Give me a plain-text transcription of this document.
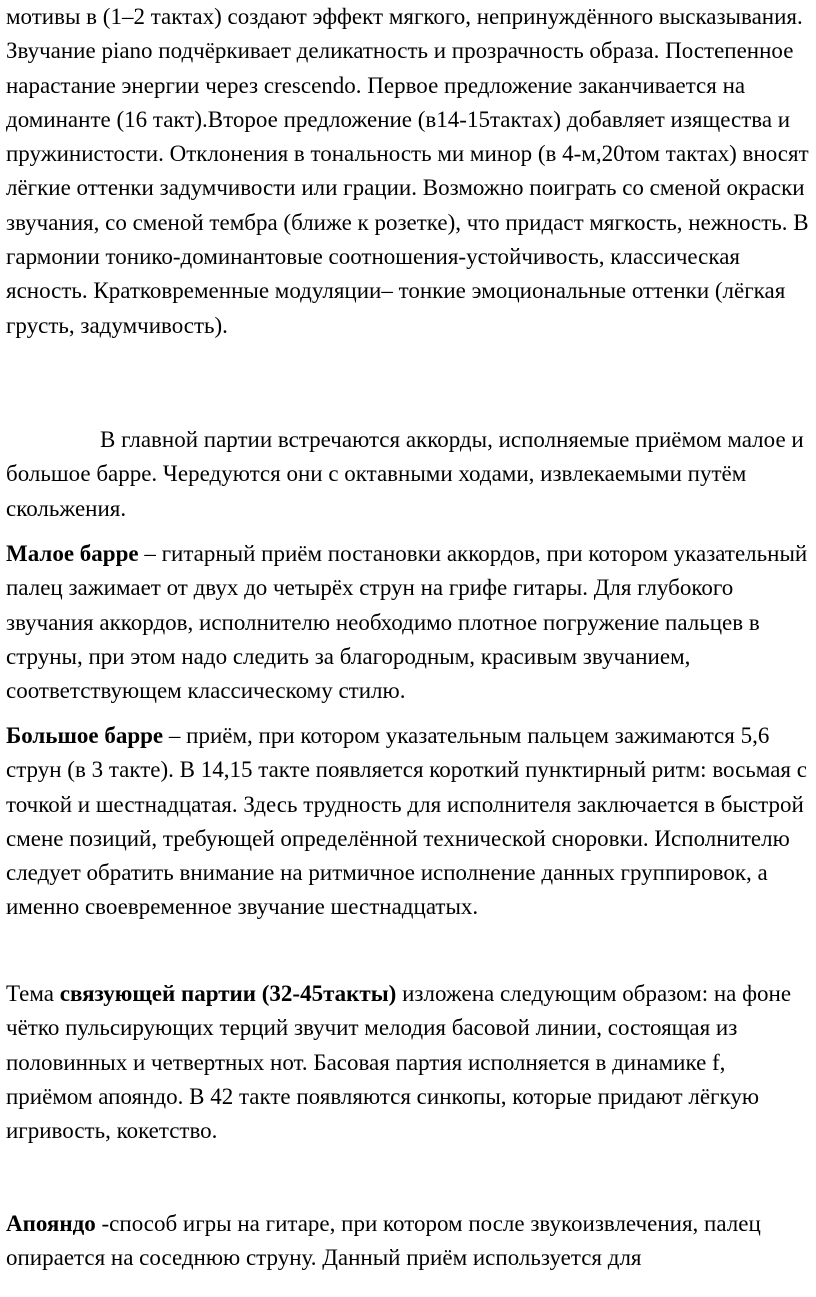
мотивы в (1–2 тактах) создают эффект мягкого, непринуждённого высказывания. Звучание piano подчёркивает деликатность и прозрачность образа. Постепенное нарастание энергии через crescendo. Первое предложение заканчивается на доминанте (16 такт).Второе предложение (в14-15тактах) добавляет изящества и пружинистости. Отклонения в тональность ми минор (в 4-м,20том тактах) вносят лёгкие оттенки задумчивости или грации. Возможно поиграть со сменой окраски звучания, со сменой тембра (ближе к розетке), что придаст мягкость, нежность. В гармонии тонико-доминантовые соотношения-устойчивость, классическая ясность. Кратковременные модуляции– тонкие эмоциональные оттенки (лёгкая грусть, задумчивость).

В главной партии встречаются аккорды, исполняемые приёмом малое и большое барре. Чередуются они с октавными ходами, извлекаемыми путём скольжения.

Малое барре – гитарный приём постановки аккордов, при котором указательный палец зажимает от двух до четырёх струн на грифе гитары. Для глубокого звучания аккордов, исполнителю необходимо плотное погружение пальцев в струны, при этом надо следить за благородным, красивым звучанием, соответствующем классическому стилю.

Большое барре – приём, при котором указательным пальцем зажимаются 5,6 струн (в 3 такте). В 14,15 такте появляется короткий пунктирный ритм: восьмая с точкой и шестнадцатая. Здесь трудность для исполнителя заключается в быстрой смене позиций, требующей определённой технической сноровки. Исполнителю следует обратить внимание на ритмичное исполнение данных группировок, а именно своевременное звучание шестнадцатых.

Тема связующей партии (32-45такты) изложена следующим образом: на фоне чётко пульсирующих терций звучит мелодия басовой линии, состоящая из половинных и четвертных нот. Басовая партия исполняется в динамике f, приёмом апояндо. В 42 такте появляются синкопы, которые придают лёгкую игривость, кокетство.

Апояндо -способ игры на гитаре, при котором после звукоизвлечения, палец опирается на соседнюю струну. Данный приём используется для
